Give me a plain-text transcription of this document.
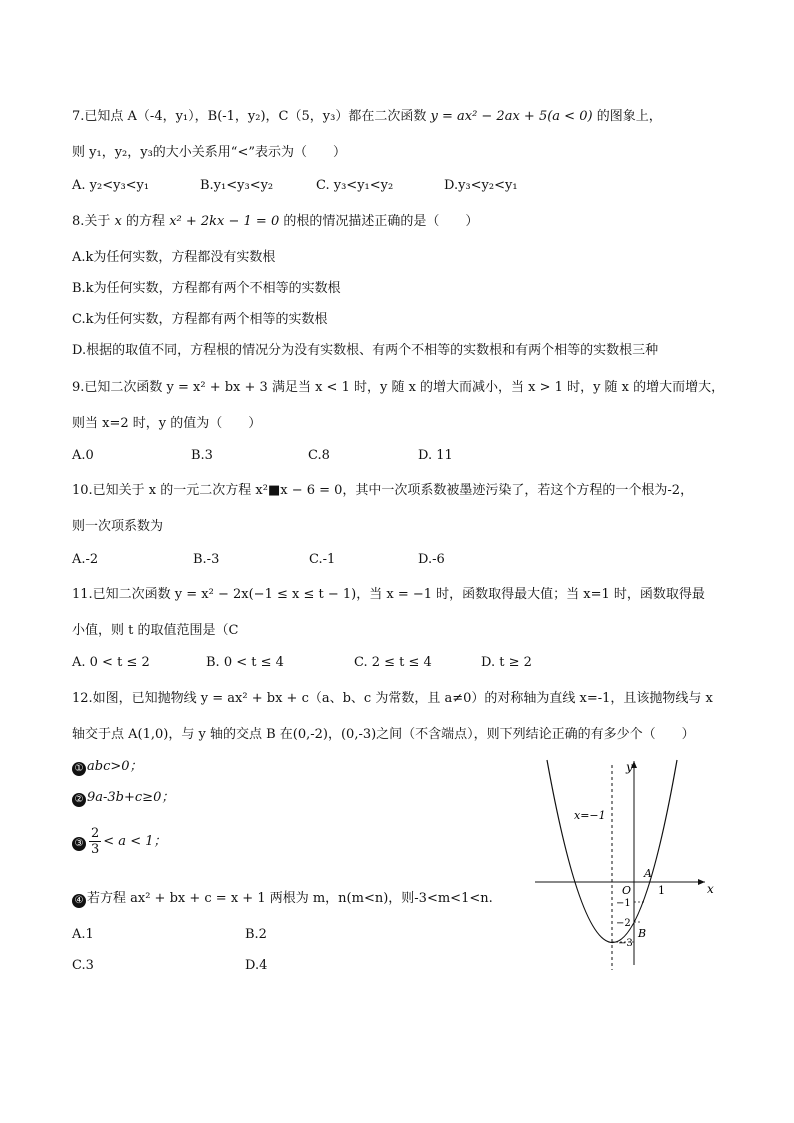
7.已知点 A（-4，y₁），B(-1，y₂)，C（5，y₃）都在二次函数 y = ax² − 2ax + 5(a < 0) 的图象上，
则 y₁，y₂，y₃的大小关系用“<”表示为（　　）
A. y₂<y₃<y₁	B.y₁<y₃<y₂	C. y₃<y₁<y₂	D.y₃<y₂<y₁
8.关于 x 的方程 x² + 2kx − 1 = 0 的根的情况描述正确的是（　　）
A.k为任何实数，方程都没有实数根
B.k为任何实数，方程都有两个不相等的实数根
C.k为任何实数，方程都有两个相等的实数根
D.根据的取值不同，方程根的情况分为没有实数根、有两个不相等的实数根和有两个相等的实数根三种
9.已知二次函数 y = x² + bx + 3 满足当 x < 1 时，y 随 x 的增大而减小，当 x > 1 时，y 随 x 的增大而增大，
则当 x=2 时，y 的值为（　　）
A.0	B.3	C.8	D. 11
10.已知关于 x 的一元二次方程 x²■x − 6 = 0，其中一次项系数被墨迹污染了，若这个方程的一个根为-2，
则一次项系数为
A.-2	B.-3	C.-1	D.-6
11.已知二次函数 y = x² − 2x(−1 ≤ x ≤ t − 1)，当 x = −1 时，函数取得最大值；当 x=1 时，函数取得最
小值，则 t 的取值范围是（C
A. 0 < t ≤ 2	B. 0 < t ≤ 4	C. 2 ≤ t ≤ 4	D. t ≥ 2
12.如图，已知抛物线 y = ax² + bx + c（a、b、c 为常数，且 a≠0）的对称轴为直线 x=-1，且该抛物线与 x
轴交于点 A(1,0)，与 y 轴的交点 B 在(0,-2)，(0,-3)之间（不含端点），则下列结论正确的有多少个（　　）
① abc>0；
② 9a-3b+c≥0；
③ $\frac{2}{3} < a < 1$；
④ 若方程 ax² + bx + c = x + 1 两根为 m，n(m<n)，则-3<m<1<n.
A.1	B.2
C.3	D.4
y
x
x=−1
O
A
1
−1
−2
−3
B
